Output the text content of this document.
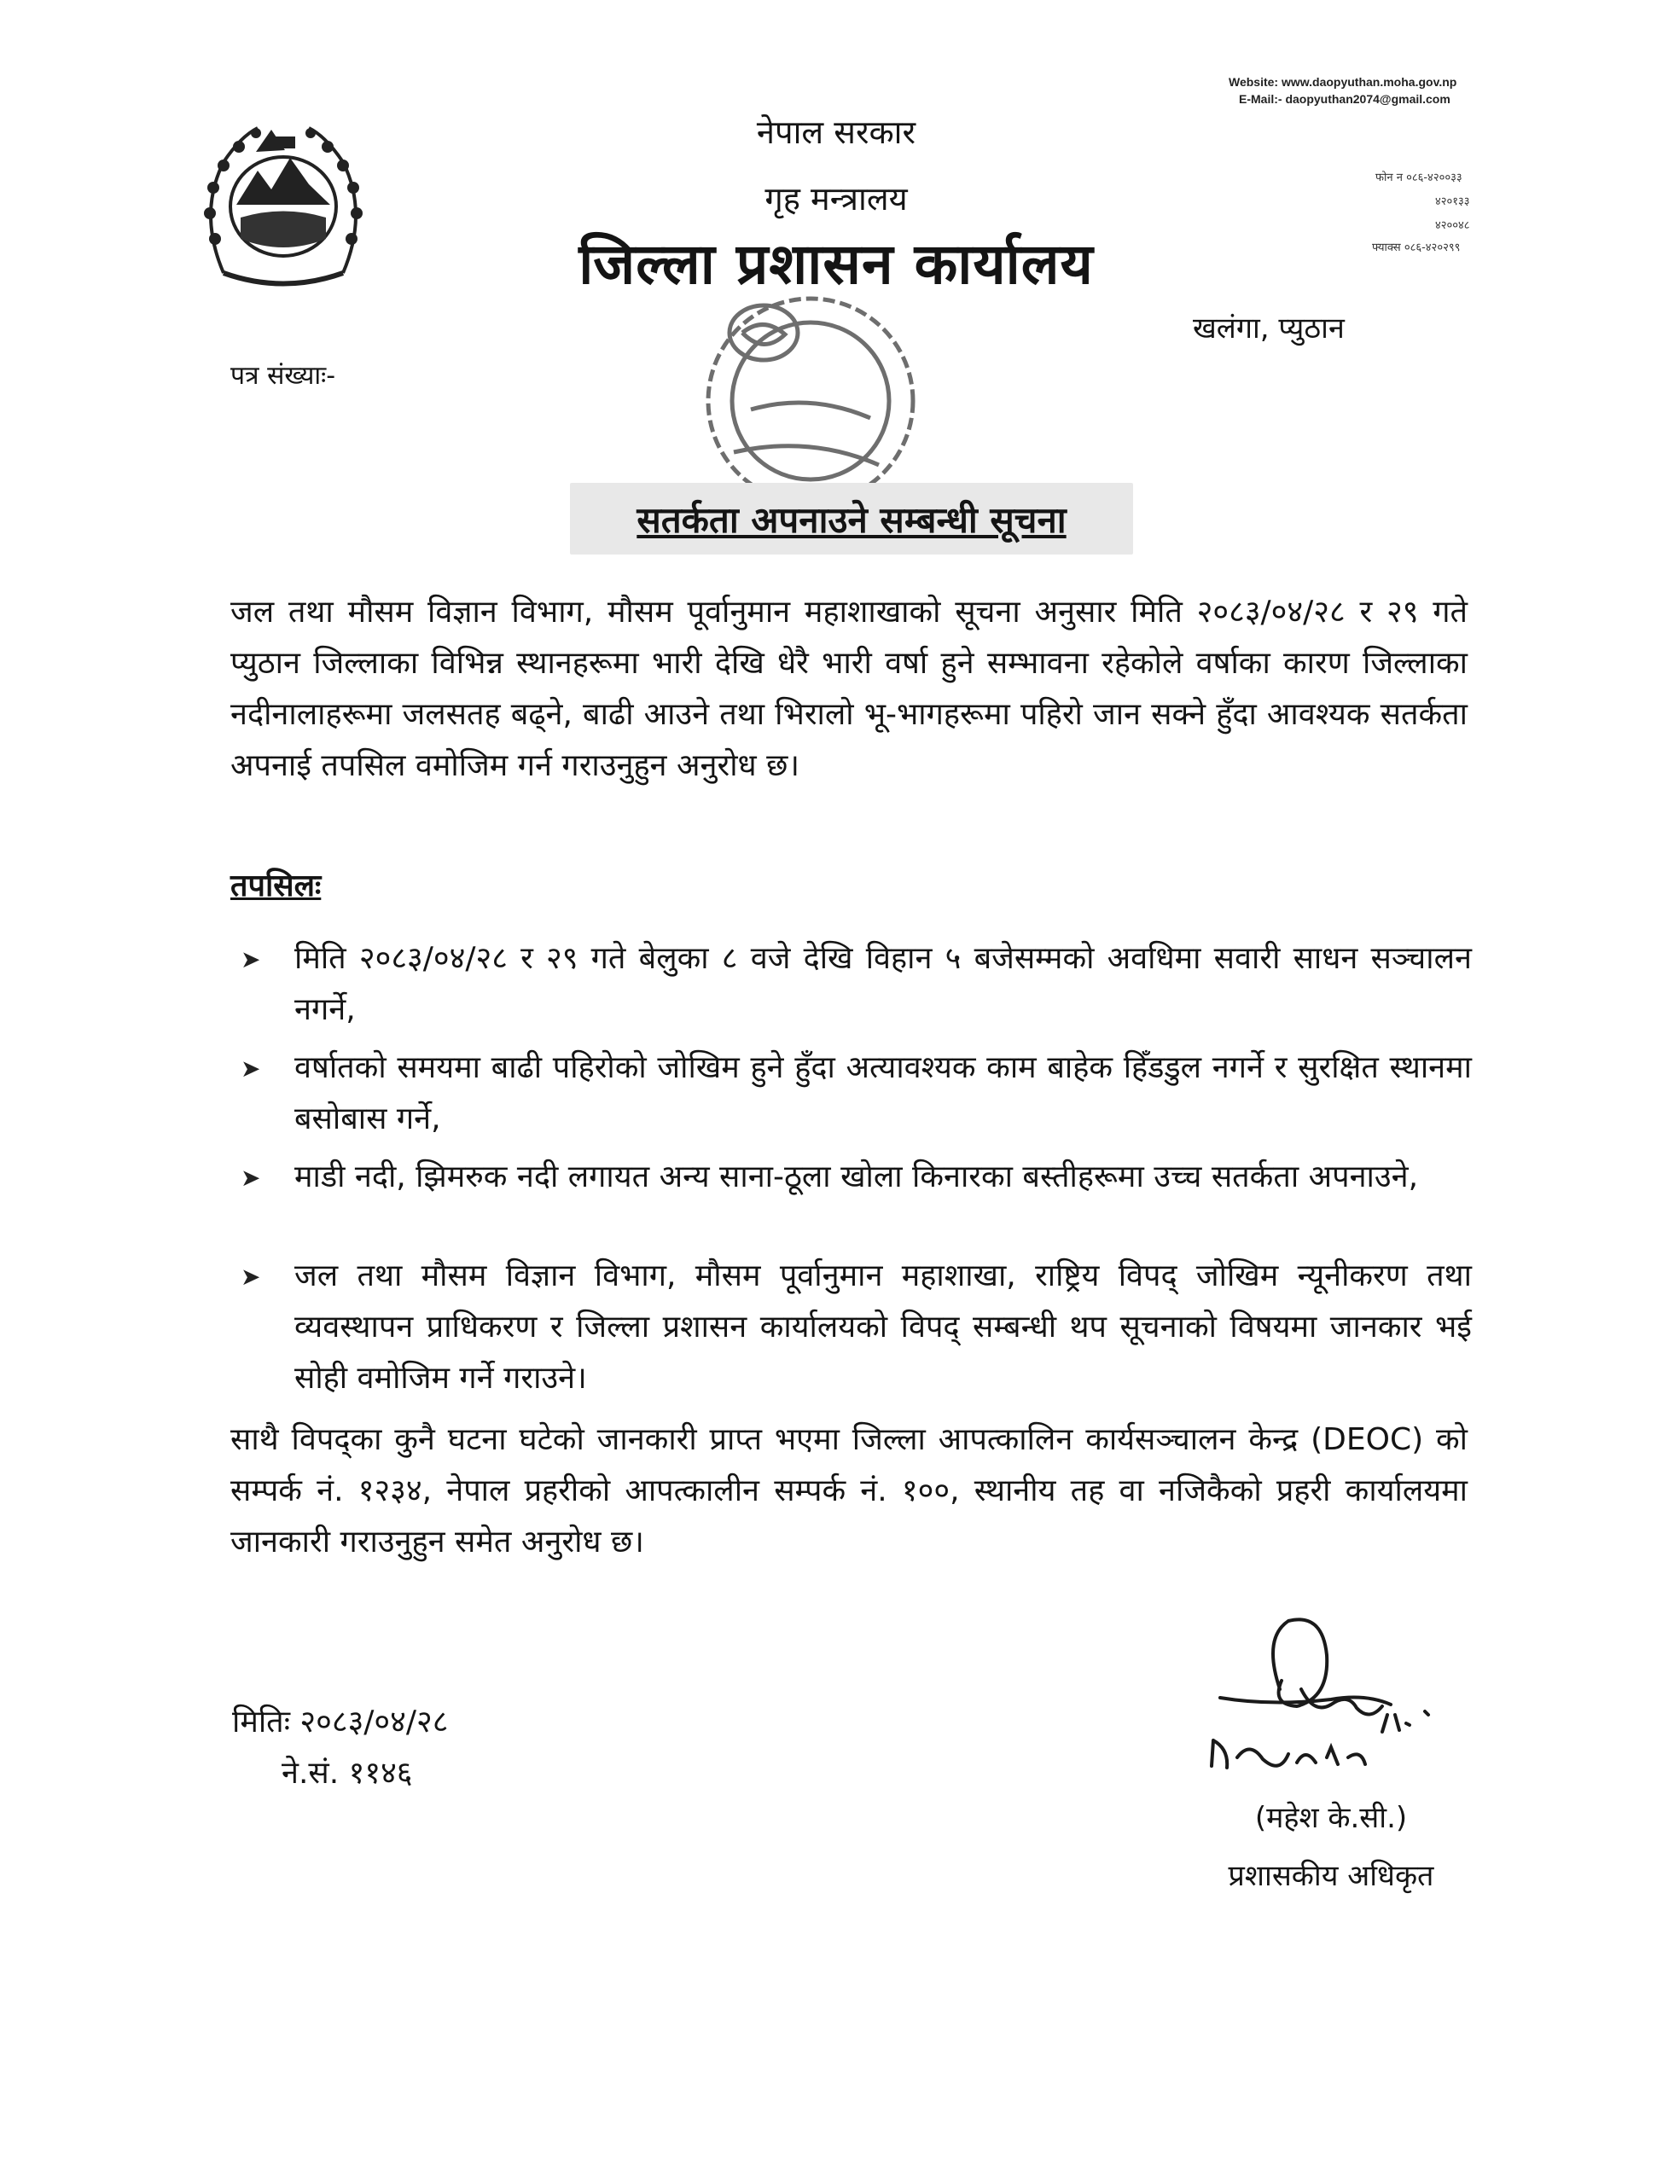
Website: www.daopyuthan.moha.gov.np
E-Mail:- daopyuthan2074@gmail.com
फोन न ०८६-४२००३३
४२०१३३
४२००४८
फ्याक्स ०८६-४२०२९९
नेपाल सरकार
गृह मन्त्रालय
जिल्ला प्रशासन कार्यालय
खलंगा, प्युठान
पत्र संख्याः-
सतर्कता अपनाउने सम्बन्धी सूचना
जल तथा मौसम विज्ञान विभाग, मौसम पूर्वानुमान महाशाखाको सूचना अनुसार मिति २०८३/०४/२८ र २९ गते प्युठान जिल्लाका विभिन्न स्थानहरूमा भारी देखि धेरै भारी वर्षा हुने सम्भावना रहेकोले वर्षाका कारण जिल्लाका नदीनालाहरूमा जलसतह बढ्ने, बाढी आउने तथा भिरालो भू-भागहरूमा पहिरो जान सक्ने हुँदा आवश्यक सतर्कता अपनाई तपसिल वमोजिम गर्न गराउनुहुन अनुरोध छ।
तपसिलः
➤ मिति २०८३/०४/२८ र २९ गते बेलुका ८ वजे देखि विहान ५ बजेसम्मको अवधिमा सवारी साधन सञ्चालन नगर्ने,
➤ वर्षातको समयमा बाढी पहिरोको जोखिम हुने हुँदा अत्यावश्यक काम बाहेक हिँडडुल नगर्ने र सुरक्षित स्थानमा बसोबास गर्ने,
➤ माडी नदी, झिमरुक नदी लगायत अन्य साना-ठूला खोला किनारका बस्तीहरूमा उच्च सतर्कता अपनाउने,
➤ जल तथा मौसम विज्ञान विभाग, मौसम पूर्वानुमान महाशाखा, राष्ट्रिय विपद् जोखिम न्यूनीकरण तथा व्यवस्थापन प्राधिकरण र जिल्ला प्रशासन कार्यालयको विपद् सम्बन्धी थप सूचनाको विषयमा जानकार भई सोही वमोजिम गर्ने गराउने।
साथै विपद्‌का कुनै घटना घटेको जानकारी प्राप्त भएमा जिल्ला आपत्कालिन कार्यसञ्चालन केन्द्र (DEOC) को सम्पर्क नं. १२३४, नेपाल प्रहरीको आपत्कालीन सम्पर्क नं. १००, स्थानीय तह वा नजिकैको प्रहरी कार्यालयमा जानकारी गराउनुहुन समेत अनुरोध छ।
मितिः २०८३/०४/२८
ने.सं. ११४६
(महेश के.सी.)
प्रशासकीय अधिकृत
